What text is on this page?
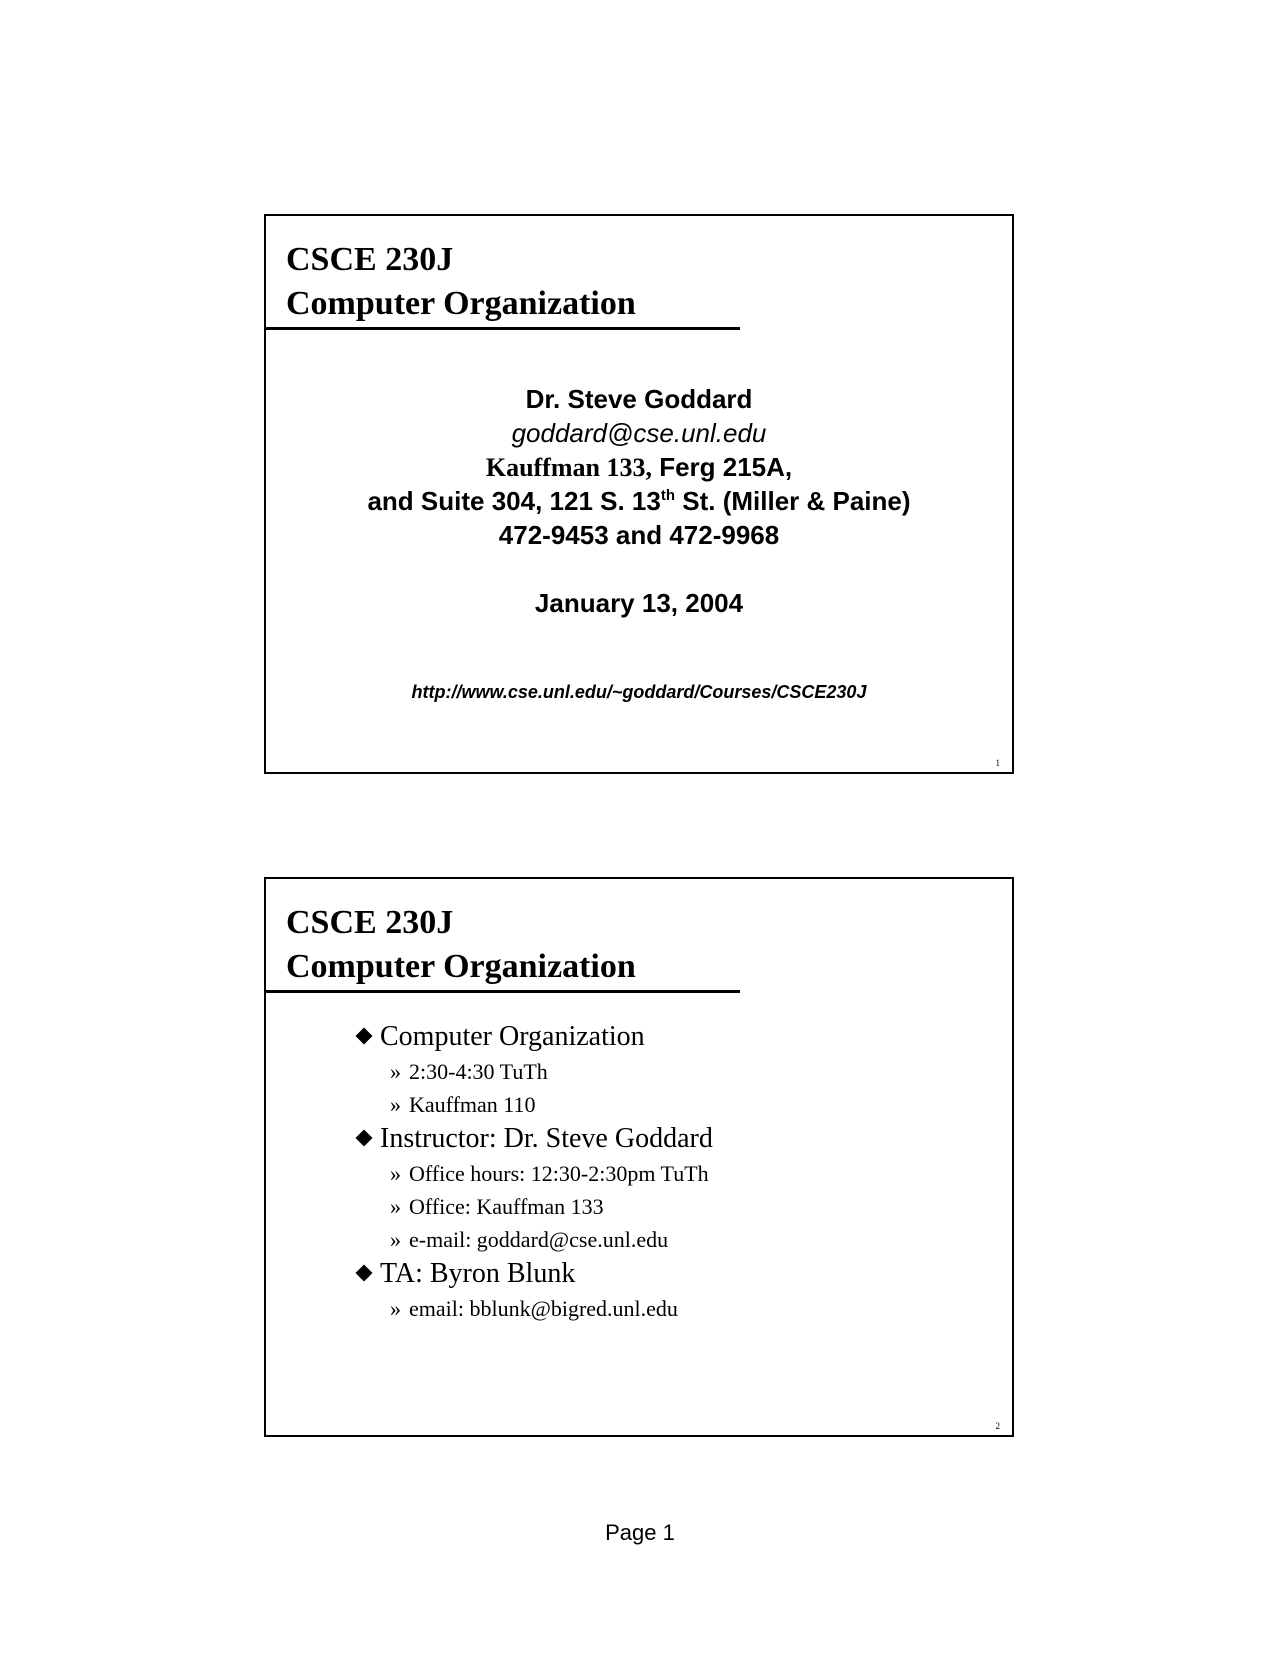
CSCE 230J
Computer Organization
Dr. Steve Goddard
goddard@cse.unl.edu
Kauffman 133, Ferg 215A,
and Suite 304, 121 S. 13th St. (Miller & Paine)
472-9453 and 472-9968
January 13, 2004
http://www.cse.unl.edu/~goddard/Courses/CSCE230J
1
CSCE 230J
Computer Organization
Computer Organization
» 2:30-4:30 TuTh
» Kauffman 110
Instructor: Dr. Steve Goddard
» Office hours: 12:30-2:30pm TuTh
» Office: Kauffman 133
» e-mail: goddard@cse.unl.edu
TA: Byron Blunk
» email: bblunk@bigred.unl.edu
2
Page 1
